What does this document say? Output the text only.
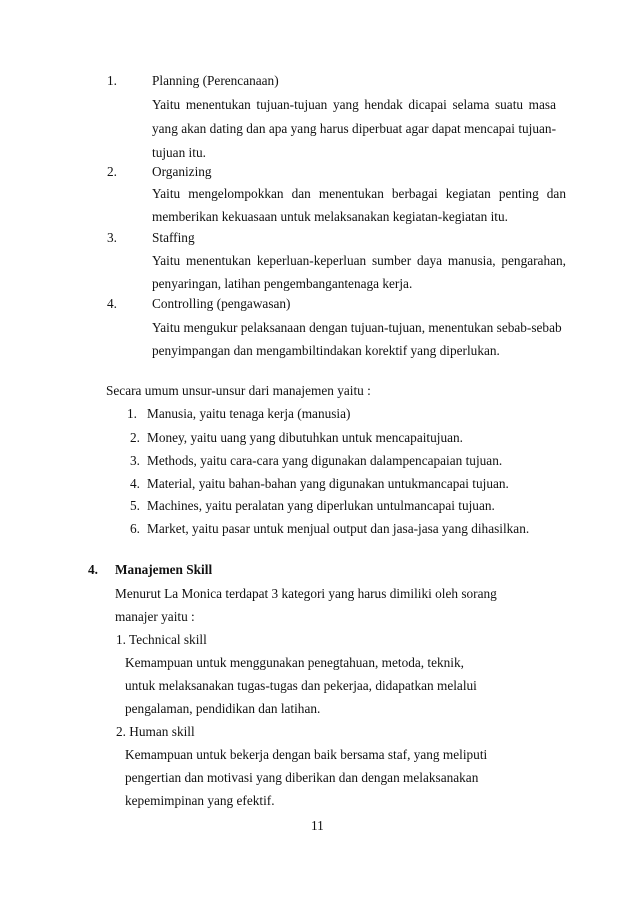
1.	Planning (Perencanaan)
Yaitu menentukan tujuan-tujuan yang hendak dicapai selama suatu masa
yang akan dating dan apa yang harus diperbuat agar dapat mencapai tujuan-
tujuan itu.
2.	Organizing
Yaitu mengelompokkan dan menentukan berbagai kegiatan penting dan
memberikan kekuasaan untuk melaksanakan kegiatan-kegiatan itu.
3.	Staffing
Yaitu menentukan keperluan-keperluan sumber daya manusia, pengarahan,
penyaringan, latihan pengembangantenaga kerja.
4.	Controlling (pengawasan)
Yaitu mengukur pelaksanaan dengan tujuan-tujuan, menentukan sebab-sebab
penyimpangan dan mengambiltindakan korektif yang diperlukan.
Secara umum unsur-unsur dari manajemen yaitu :
1. Manusia, yaitu tenaga kerja (manusia)
2. Money, yaitu uang yang dibutuhkan untuk mencapaitujuan.
3. Methods, yaitu cara-cara yang digunakan dalampencapaian tujuan.
4. Material, yaitu bahan-bahan yang digunakan untukmancapai tujuan.
5. Machines, yaitu peralatan yang diperlukan untulmancapai tujuan.
6. Market, yaitu pasar untuk menjual output dan jasa-jasa yang dihasilkan.
4. Manajemen Skill
Menurut La Monica terdapat 3 kategori yang harus dimiliki oleh sorang
manajer yaitu :
1. Technical skill
Kemampuan untuk menggunakan penegtahuan, metoda, teknik,
untuk melaksanakan tugas-tugas dan pekerjaa, didapatkan melalui
pengalaman, pendidikan dan latihan.
2. Human skill
Kemampuan untuk bekerja dengan baik bersama staf, yang meliputi
pengertian dan motivasi yang diberikan dan dengan melaksanakan
kepemimpinan yang efektif.
11
